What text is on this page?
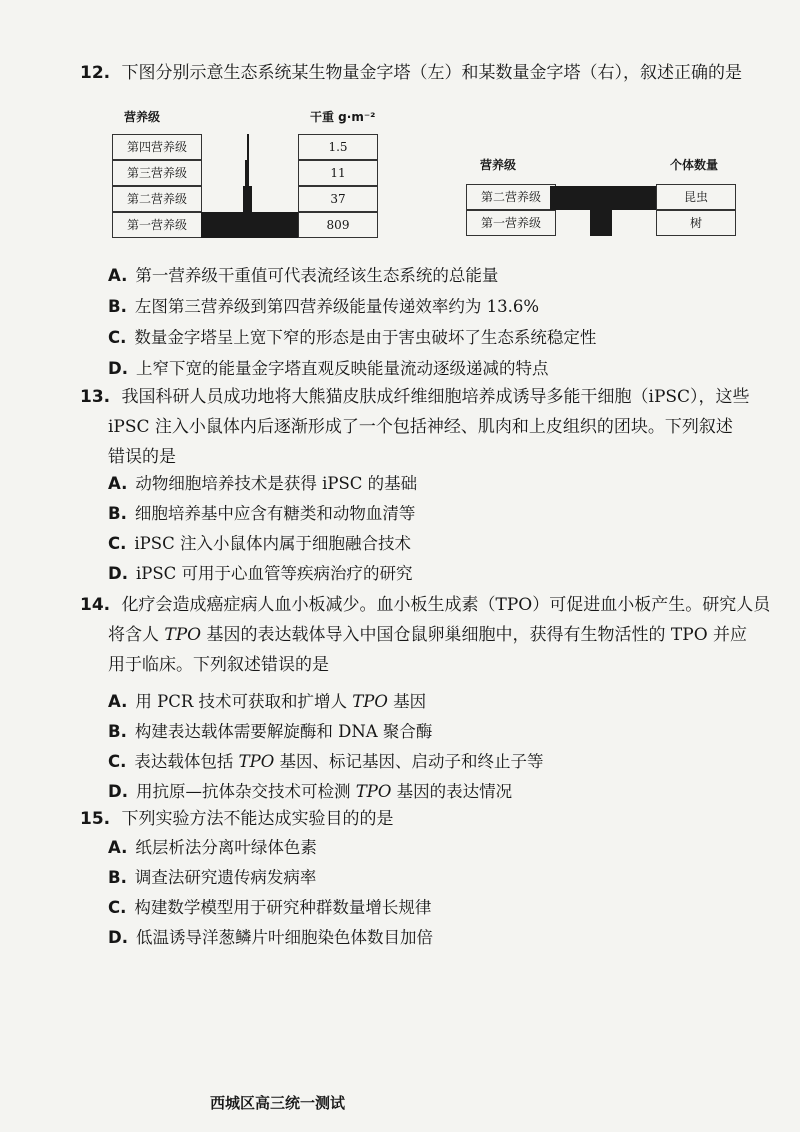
12. 下图分别示意生态系统某生物量金字塔（左）和某数量金字塔（右），叙述正确的是
营养级	干重 g·m⁻²
第四营养级	1.5
第三营养级	11
第二营养级	37
第一营养级	809
营养级	个体数量
第二营养级	昆虫
第一营养级	树
A. 第一营养级干重值可代表流经该生态系统的总能量
B. 左图第三营养级到第四营养级能量传递效率约为 13.6%
C. 数量金字塔呈上宽下窄的形态是由于害虫破坏了生态系统稳定性
D. 上窄下宽的能量金字塔直观反映能量流动逐级递减的特点
13. 我国科研人员成功地将大熊猫皮肤成纤维细胞培养成诱导多能干细胞（iPSC），这些
iPSC 注入小鼠体内后逐渐形成了一个包括神经、肌肉和上皮组织的团块。下列叙述
错误的是
A. 动物细胞培养技术是获得 iPSC 的基础
B. 细胞培养基中应含有糖类和动物血清等
C. iPSC 注入小鼠体内属于细胞融合技术
D. iPSC 可用于心血管等疾病治疗的研究
14. 化疗会造成癌症病人血小板减少。血小板生成素（TPO）可促进血小板产生。研究人员
将含人 TPO 基因的表达载体导入中国仓鼠卵巢细胞中，获得有生物活性的 TPO 并应
用于临床。下列叙述错误的是
A. 用 PCR 技术可获取和扩增人 TPO 基因
B. 构建表达载体需要解旋酶和 DNA 聚合酶
C. 表达载体包括 TPO 基因、标记基因、启动子和终止子等
D. 用抗原—抗体杂交技术可检测 TPO 基因的表达情况
15. 下列实验方法不能达成实验目的的是
A. 纸层析法分离叶绿体色素
B. 调查法研究遗传病发病率
C. 构建数学模型用于研究种群数量增长规律
D. 低温诱导洋葱鳞片叶细胞染色体数目加倍
西城区高三统一测试
